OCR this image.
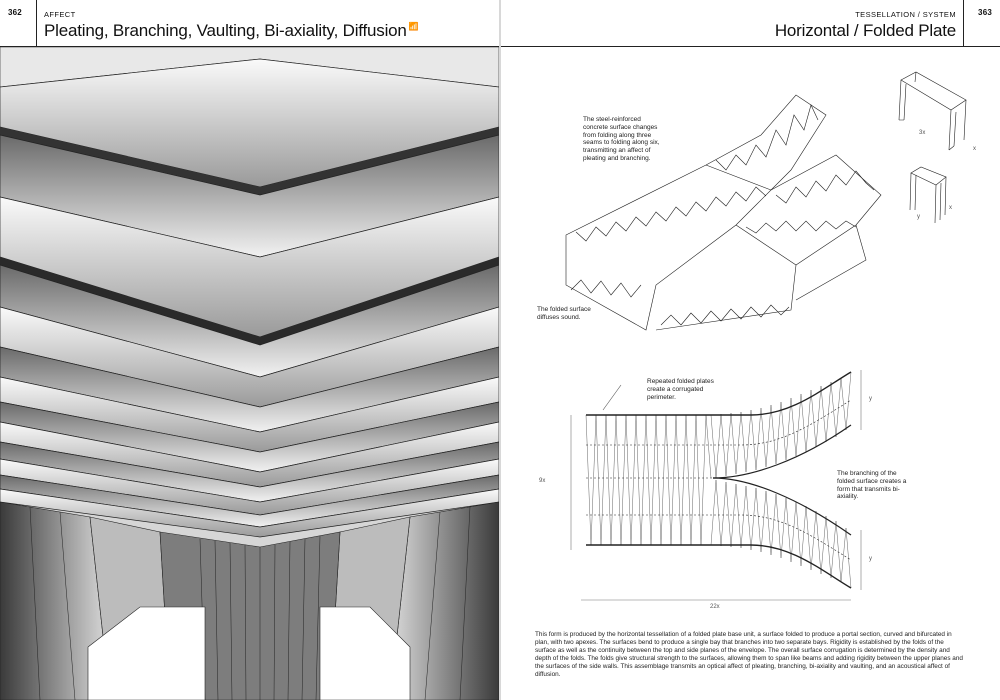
362	AFFECT
Pleating, Branching, Vaulting, Bi-axiality, Diffusion 📶
TESSELLATION / SYSTEM
Horizontal / Folded Plate
363
The steel-reinforced concrete surface changes from folding along three seams to folding along six, transmitting an affect of pleating and branching.
The folded surface diffuses sound.
3x
x
y
x
9x
22x
y
y
Repeated folded plates create a corrugated perimeter.
The branching of the folded surface creates a form that transmits bi-axiality.
This form is produced by the horizontal tessellation of a folded plate base unit, a surface folded to produce a portal section, curved and bifurcated in plan, with two apexes. The surfaces bend to produce a single bay that branches into two separate bays. Rigidity is established by the folds of the surface as well as the continuity between the top and side planes of the envelope. The overall surface corrugation is determined by the density and depth of the folds. The folds give structural strength to the surfaces, allowing them to span like beams and adding rigidity between the upper planes and the surfaces of the side walls. This assemblage transmits an optical affect of pleating, branching, bi-axiality and vaulting, and an acoustical affect of diffusion.
